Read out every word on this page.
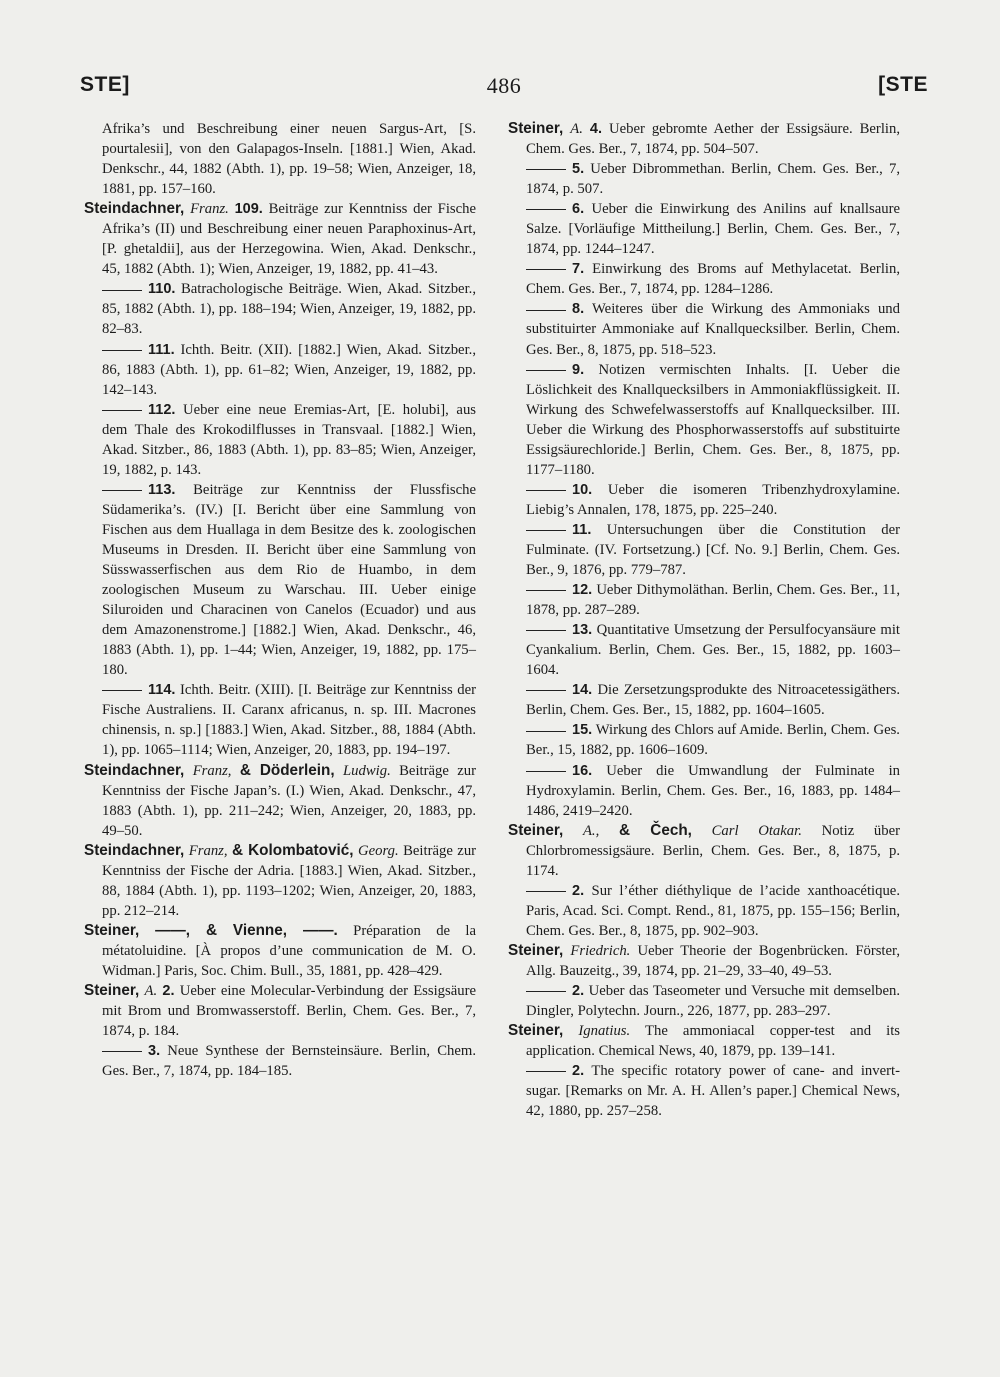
STE]	486	[STE

Afrika’s und Beschreibung einer neuen Sargus-Art, [S. pourtalesii], von den Galapagos-Inseln. [1881.] Wien, Akad. Denkschr., 44, 1882 (Abth. 1), pp. 19–58; Wien, Anzeiger, 18, 1881, pp. 157–160.

Steindachner, Franz. 109. Beiträge zur Kenntniss der Fische Afrika’s (II) und Beschreibung einer neuen Paraphoxinus-Art, [P. ghetaldii], aus der Herzegowina. Wien, Akad. Denkschr., 45, 1882 (Abth. 1); Wien, Anzeiger, 19, 1882, pp. 41–43.

110. Batrachologische Beiträge. Wien, Akad. Sitzber., 85, 1882 (Abth. 1), pp. 188–194; Wien, Anzeiger, 19, 1882, pp. 82–83.

111. Ichth. Beitr. (XII). [1882.] Wien, Akad. Sitzber., 86, 1883 (Abth. 1), pp. 61–82; Wien, Anzeiger, 19, 1882, pp. 142–143.

112. Ueber eine neue Eremias-Art, [E. holubi], aus dem Thale des Krokodilflusses in Transvaal. [1882.] Wien, Akad. Sitzber., 86, 1883 (Abth. 1), pp. 83–85; Wien, Anzeiger, 19, 1882, p. 143.

113. Beiträge zur Kenntniss der Flussfische Südamerika’s. (IV.) [I. Bericht über eine Sammlung von Fischen aus dem Huallaga in dem Besitze des k. zoologischen Museums in Dresden. II. Bericht über eine Sammlung von Süsswasserfischen aus dem Rio de Huambo, in dem zoologischen Museum zu Warschau. III. Ueber einige Siluroiden und Characinen von Canelos (Ecuador) und aus dem Amazonenstrome.] [1882.] Wien, Akad. Denkschr., 46, 1883 (Abth. 1), pp. 1–44; Wien, Anzeiger, 19, 1882, pp. 175–180.

114. Ichth. Beitr. (XIII). [I. Beiträge zur Kenntniss der Fische Australiens. II. Caranx africanus, n. sp. III. Macrones chinensis, n. sp.] [1883.] Wien, Akad. Sitzber., 88, 1884 (Abth. 1), pp. 1065–1114; Wien, Anzeiger, 20, 1883, pp. 194–197.

Steindachner, Franz, & Döderlein, Ludwig. Beiträge zur Kenntniss der Fische Japan’s. (I.) Wien, Akad. Denkschr., 47, 1883 (Abth. 1), pp. 211–242; Wien, Anzeiger, 20, 1883, pp. 49–50.

Steindachner, Franz, & Kolombatović, Georg. Beiträge zur Kenntniss der Fische der Adria. [1883.] Wien, Akad. Sitzber., 88, 1884 (Abth. 1), pp. 1193–1202; Wien, Anzeiger, 20, 1883, pp. 212–214.

Steiner, ——, & Vienne, ——. Préparation de la métatoluidine. [À propos d’une communication de M. O. Widman.] Paris, Soc. Chim. Bull., 35, 1881, pp. 428–429.

Steiner, A. 2. Ueber eine Molecular-Verbindung der Essigsäure mit Brom und Bromwasserstoff. Berlin, Chem. Ges. Ber., 7, 1874, p. 184.

3. Neue Synthese der Bernsteinsäure. Berlin, Chem. Ges. Ber., 7, 1874, pp. 184–185.

Steiner, A. 4. Ueber gebromte Aether der Essigsäure. Berlin, Chem. Ges. Ber., 7, 1874, pp. 504–507.

5. Ueber Dibrommethan. Berlin, Chem. Ges. Ber., 7, 1874, p. 507.

6. Ueber die Einwirkung des Anilins auf knallsaure Salze. [Vorläufige Mittheilung.] Berlin, Chem. Ges. Ber., 7, 1874, pp. 1244–1247.

7. Einwirkung des Broms auf Methylacetat. Berlin, Chem. Ges. Ber., 7, 1874, pp. 1284–1286.

8. Weiteres über die Wirkung des Ammoniaks und substituirter Ammoniake auf Knallquecksilber. Berlin, Chem. Ges. Ber., 8, 1875, pp. 518–523.

9. Notizen vermischten Inhalts. [I. Ueber die Löslichkeit des Knallquecksilbers in Ammoniakflüssigkeit. II. Wirkung des Schwefelwasserstoffs auf Knallquecksilber. III. Ueber die Wirkung des Phosphorwasserstoffs auf substituirte Essigsäurechloride.] Berlin, Chem. Ges. Ber., 8, 1875, pp. 1177–1180.

10. Ueber die isomeren Tribenzhydroxylamine. Liebig’s Annalen, 178, 1875, pp. 225–240.

11. Untersuchungen über die Constitution der Fulminate. (IV. Fortsetzung.) [Cf. No. 9.] Berlin, Chem. Ges. Ber., 9, 1876, pp. 779–787.

12. Ueber Dithymoläthan. Berlin, Chem. Ges. Ber., 11, 1878, pp. 287–289.

13. Quantitative Umsetzung der Persulfocyansäure mit Cyankalium. Berlin, Chem. Ges. Ber., 15, 1882, pp. 1603–1604.

14. Die Zersetzungsprodukte des Nitroacetessigäthers. Berlin, Chem. Ges. Ber., 15, 1882, pp. 1604–1605.

15. Wirkung des Chlors auf Amide. Berlin, Chem. Ges. Ber., 15, 1882, pp. 1606–1609.

16. Ueber die Umwandlung der Fulminate in Hydroxylamin. Berlin, Chem. Ges. Ber., 16, 1883, pp. 1484–1486, 2419–2420.

Steiner, A., & Čech, Carl Otakar. Notiz über Chlorbromessigsäure. Berlin, Chem. Ges. Ber., 8, 1875, p. 1174.

2. Sur l’éther diéthylique de l’acide xanthoacétique. Paris, Acad. Sci. Compt. Rend., 81, 1875, pp. 155–156; Berlin, Chem. Ges. Ber., 8, 1875, pp. 902–903.

Steiner, Friedrich. Ueber Theorie der Bogenbrücken. Förster, Allg. Bauzeitg., 39, 1874, pp. 21–29, 33–40, 49–53.

2. Ueber das Taseometer und Versuche mit demselben. Dingler, Polytechn. Journ., 226, 1877, pp. 283–297.

Steiner, Ignatius. The ammoniacal copper-test and its application. Chemical News, 40, 1879, pp. 139–141.

2. The specific rotatory power of cane- and invert-sugar. [Remarks on Mr. A. H. Allen’s paper.] Chemical News, 42, 1880, pp. 257–258.
